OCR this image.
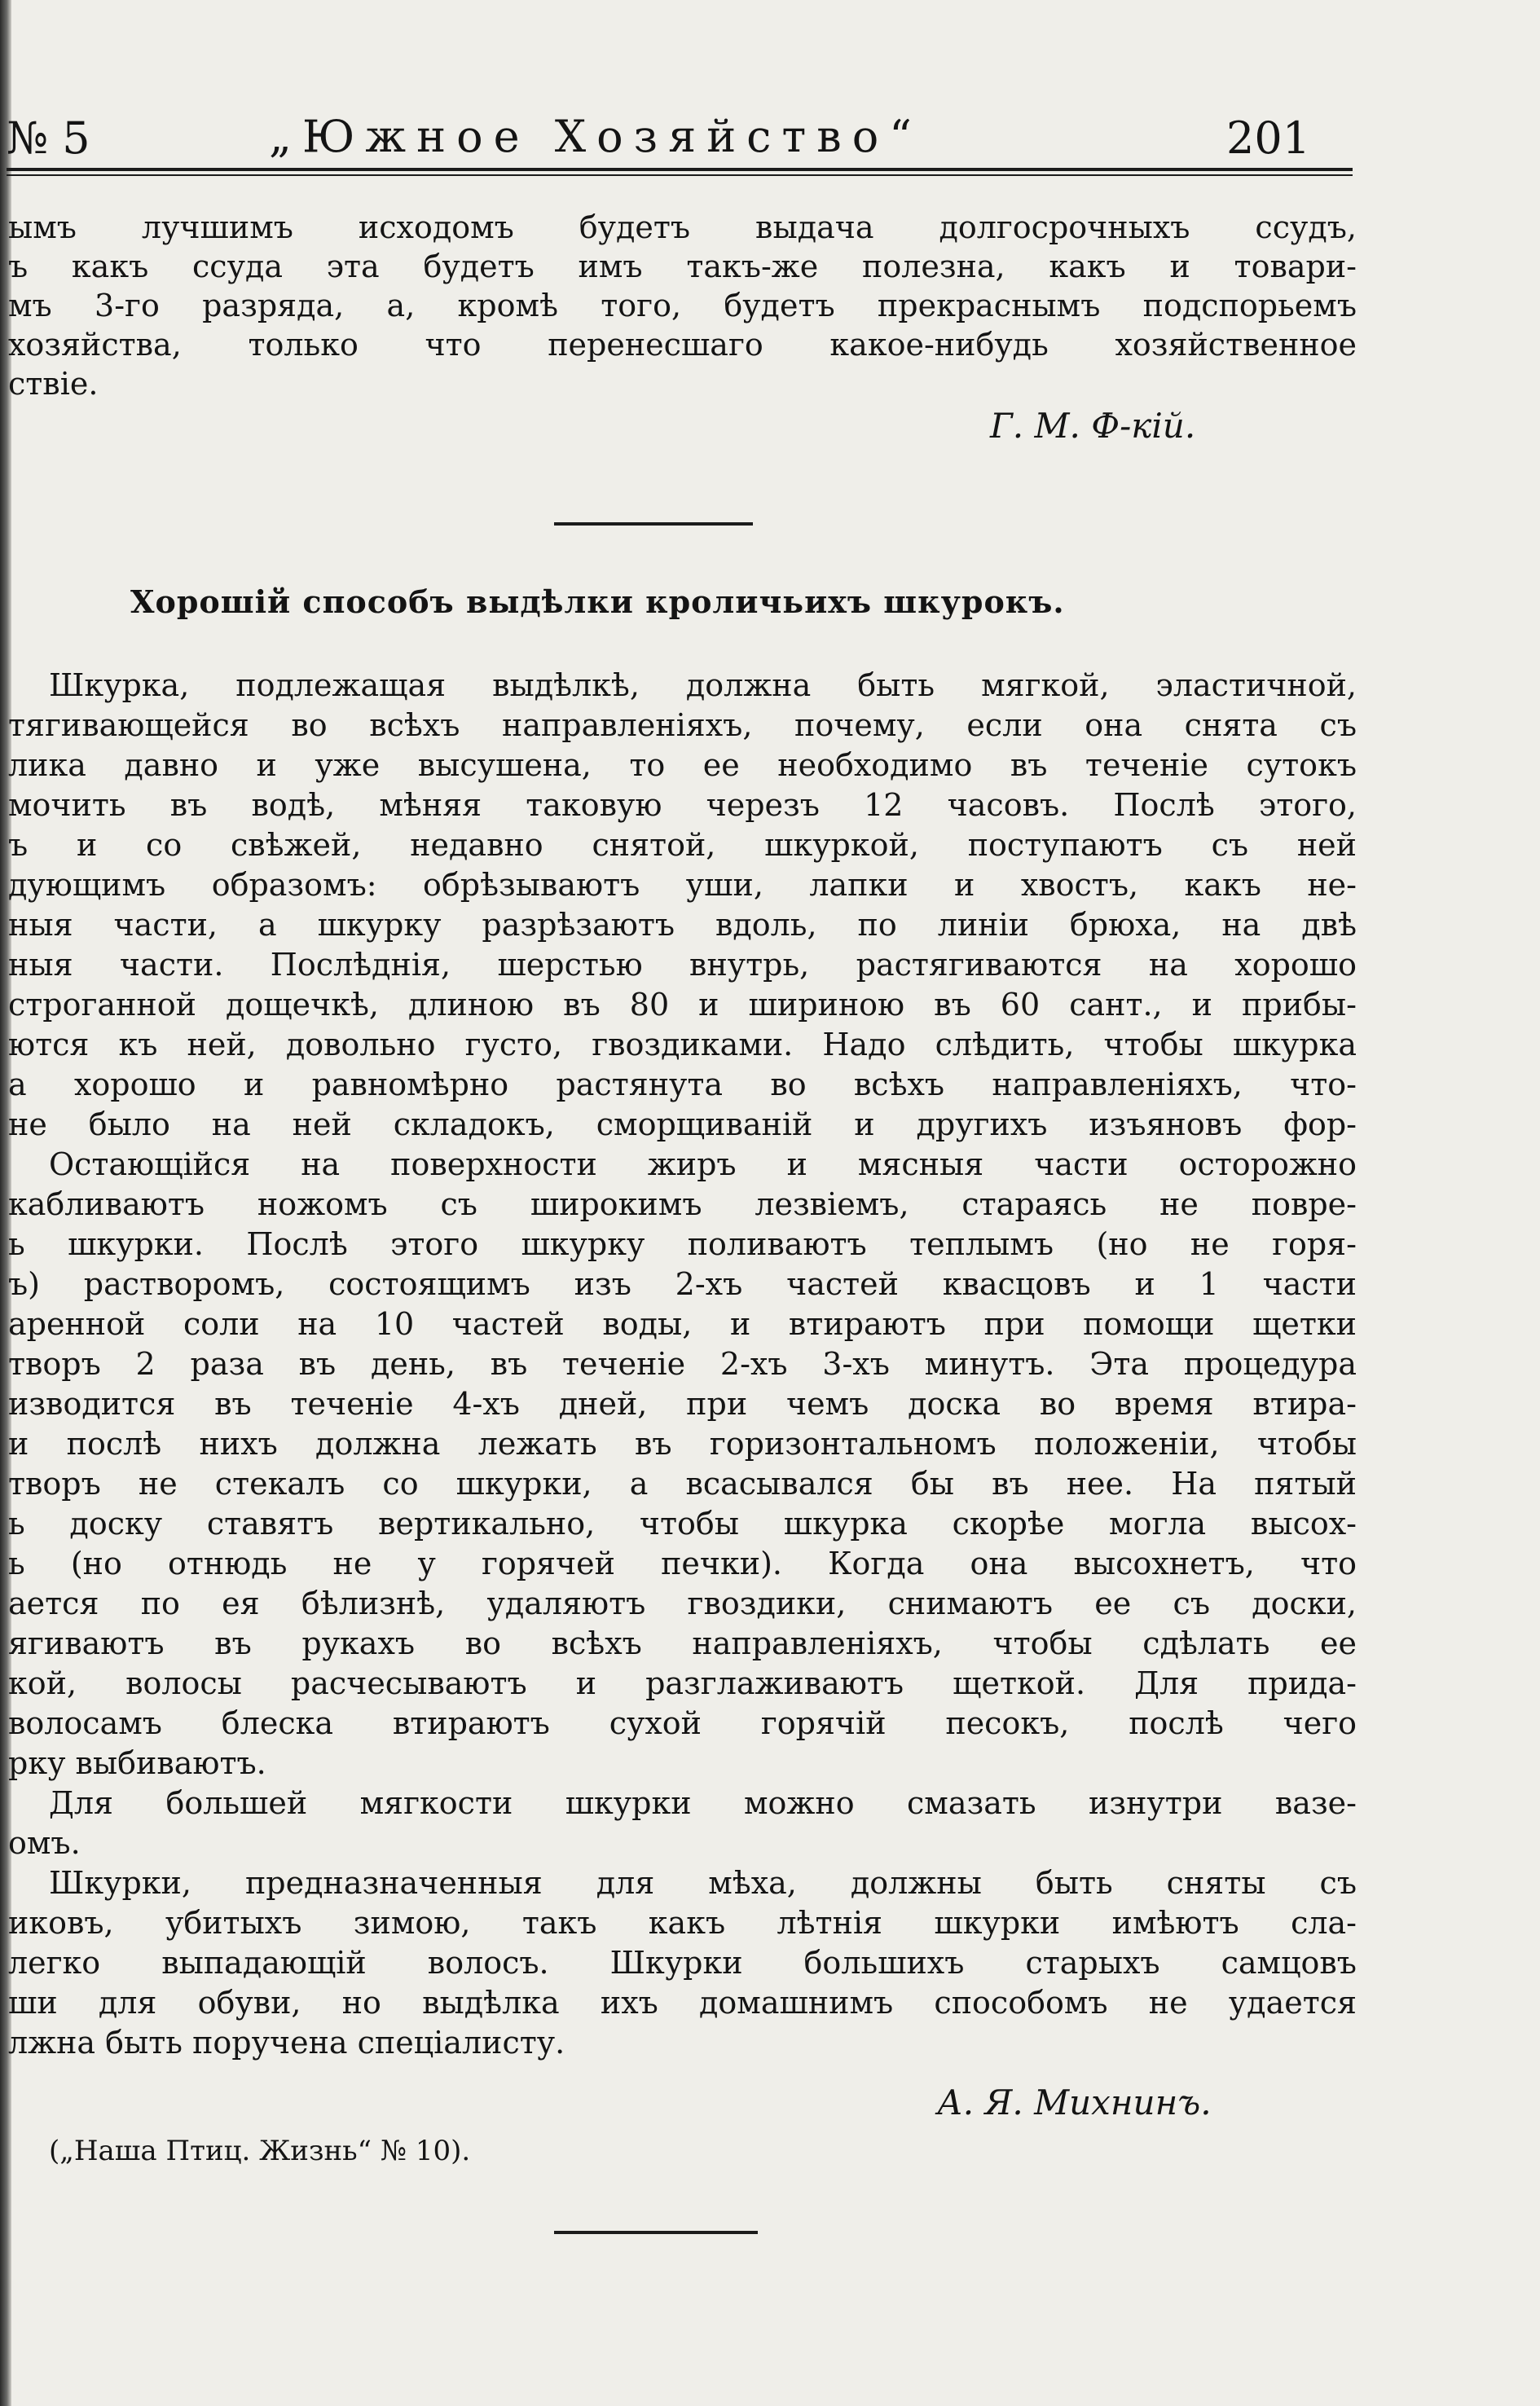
№ 5	„Южное Хозяйство“	201
ымъ лучшимъ исходомъ будетъ выдача долгосрочныхъ ссудъ,
ъ какъ ссуда эта будетъ имъ такъ-же полезна, какъ и товари-
мъ 3-го разряда, а, кромѣ того, будетъ прекраснымъ подспорьемъ
хозяйства, только что перенесшаго какое-нибудь хозяйственное
ствіе.
Г. М. Ф-кій.
Хорошій способъ выдѣлки кроличьихъ шкурокъ.
Шкурка, подлежащая выдѣлкѣ, должна быть мягкой, эластичной,
тягивающейся во всѣхъ направленіяхъ, почему, если она снята съ
лика давно и уже высушена, то ее необходимо въ теченіе сутокъ
мочить въ водѣ, мѣняя таковую черезъ 12 часовъ. Послѣ этого,
ъ и со свѣжей, недавно снятой, шкуркой, поступаютъ съ ней
дующимъ образомъ: обрѣзываютъ уши, лапки и хвостъ, какъ не-
ныя части, а шкурку разрѣзаютъ вдоль, по линіи брюха, на двѣ
ныя части. Послѣднія, шерстью внутрь, растягиваются на хорошо
строганной дощечкѣ, длиною въ 80 и шириною въ 60 сант., и прибы-
ются къ ней, довольно густо, гвоздиками. Надо слѣдить, чтобы шкурка
а хорошо и равномѣрно растянута во всѣхъ направленіяхъ, что-
не было на ней складокъ, сморщиваній и другихъ изъяновъ фор-
Остающійся на поверхности жиръ и мясныя части осторожно
кабливаютъ ножомъ съ широкимъ лезвіемъ, стараясь не повре-
ь шкурки. Послѣ этого шкурку поливаютъ теплымъ (но не горя-
ъ) растворомъ, состоящимъ изъ 2-хъ частей квасцовъ и 1 части
аренной соли на 10 частей воды, и втираютъ при помощи щетки
творъ 2 раза въ день, въ теченіе 2-хъ 3-хъ минутъ. Эта процедура
изводится въ теченіе 4-хъ дней, при чемъ доска во время втира-
и послѣ нихъ должна лежать въ горизонтальномъ положеніи, чтобы
творъ не стекалъ со шкурки, а всасывался бы въ нее. На пятый
ь доску ставятъ вертикально, чтобы шкурка скорѣе могла высох-
ь (но отнюдь не у горячей печки). Когда она высохнетъ, что
ается по ея бѣлизнѣ, удаляютъ гвоздики, снимаютъ ее съ доски,
ягиваютъ въ рукахъ во всѣхъ направленіяхъ, чтобы сдѣлать ее
кой, волосы расчесываютъ и разглаживаютъ щеткой. Для прида-
волосамъ блеска втираютъ сухой горячій песокъ, послѣ чего
рку выбиваютъ.
Для большей мягкости шкурки можно смазать изнутри вазе-
омъ.
Шкурки, предназначенныя для мѣха, должны быть сняты съ
иковъ, убитыхъ зимою, такъ какъ лѣтнія шкурки имѣютъ сла-
легко выпадающій волосъ. Шкурки большихъ старыхъ самцовъ
ши для обуви, но выдѣлка ихъ домашнимъ способомъ не удается
лжна быть поручена спеціалисту.
А. Я. Михнинъ.
(„Наша Птиц. Жизнь“ № 10).
